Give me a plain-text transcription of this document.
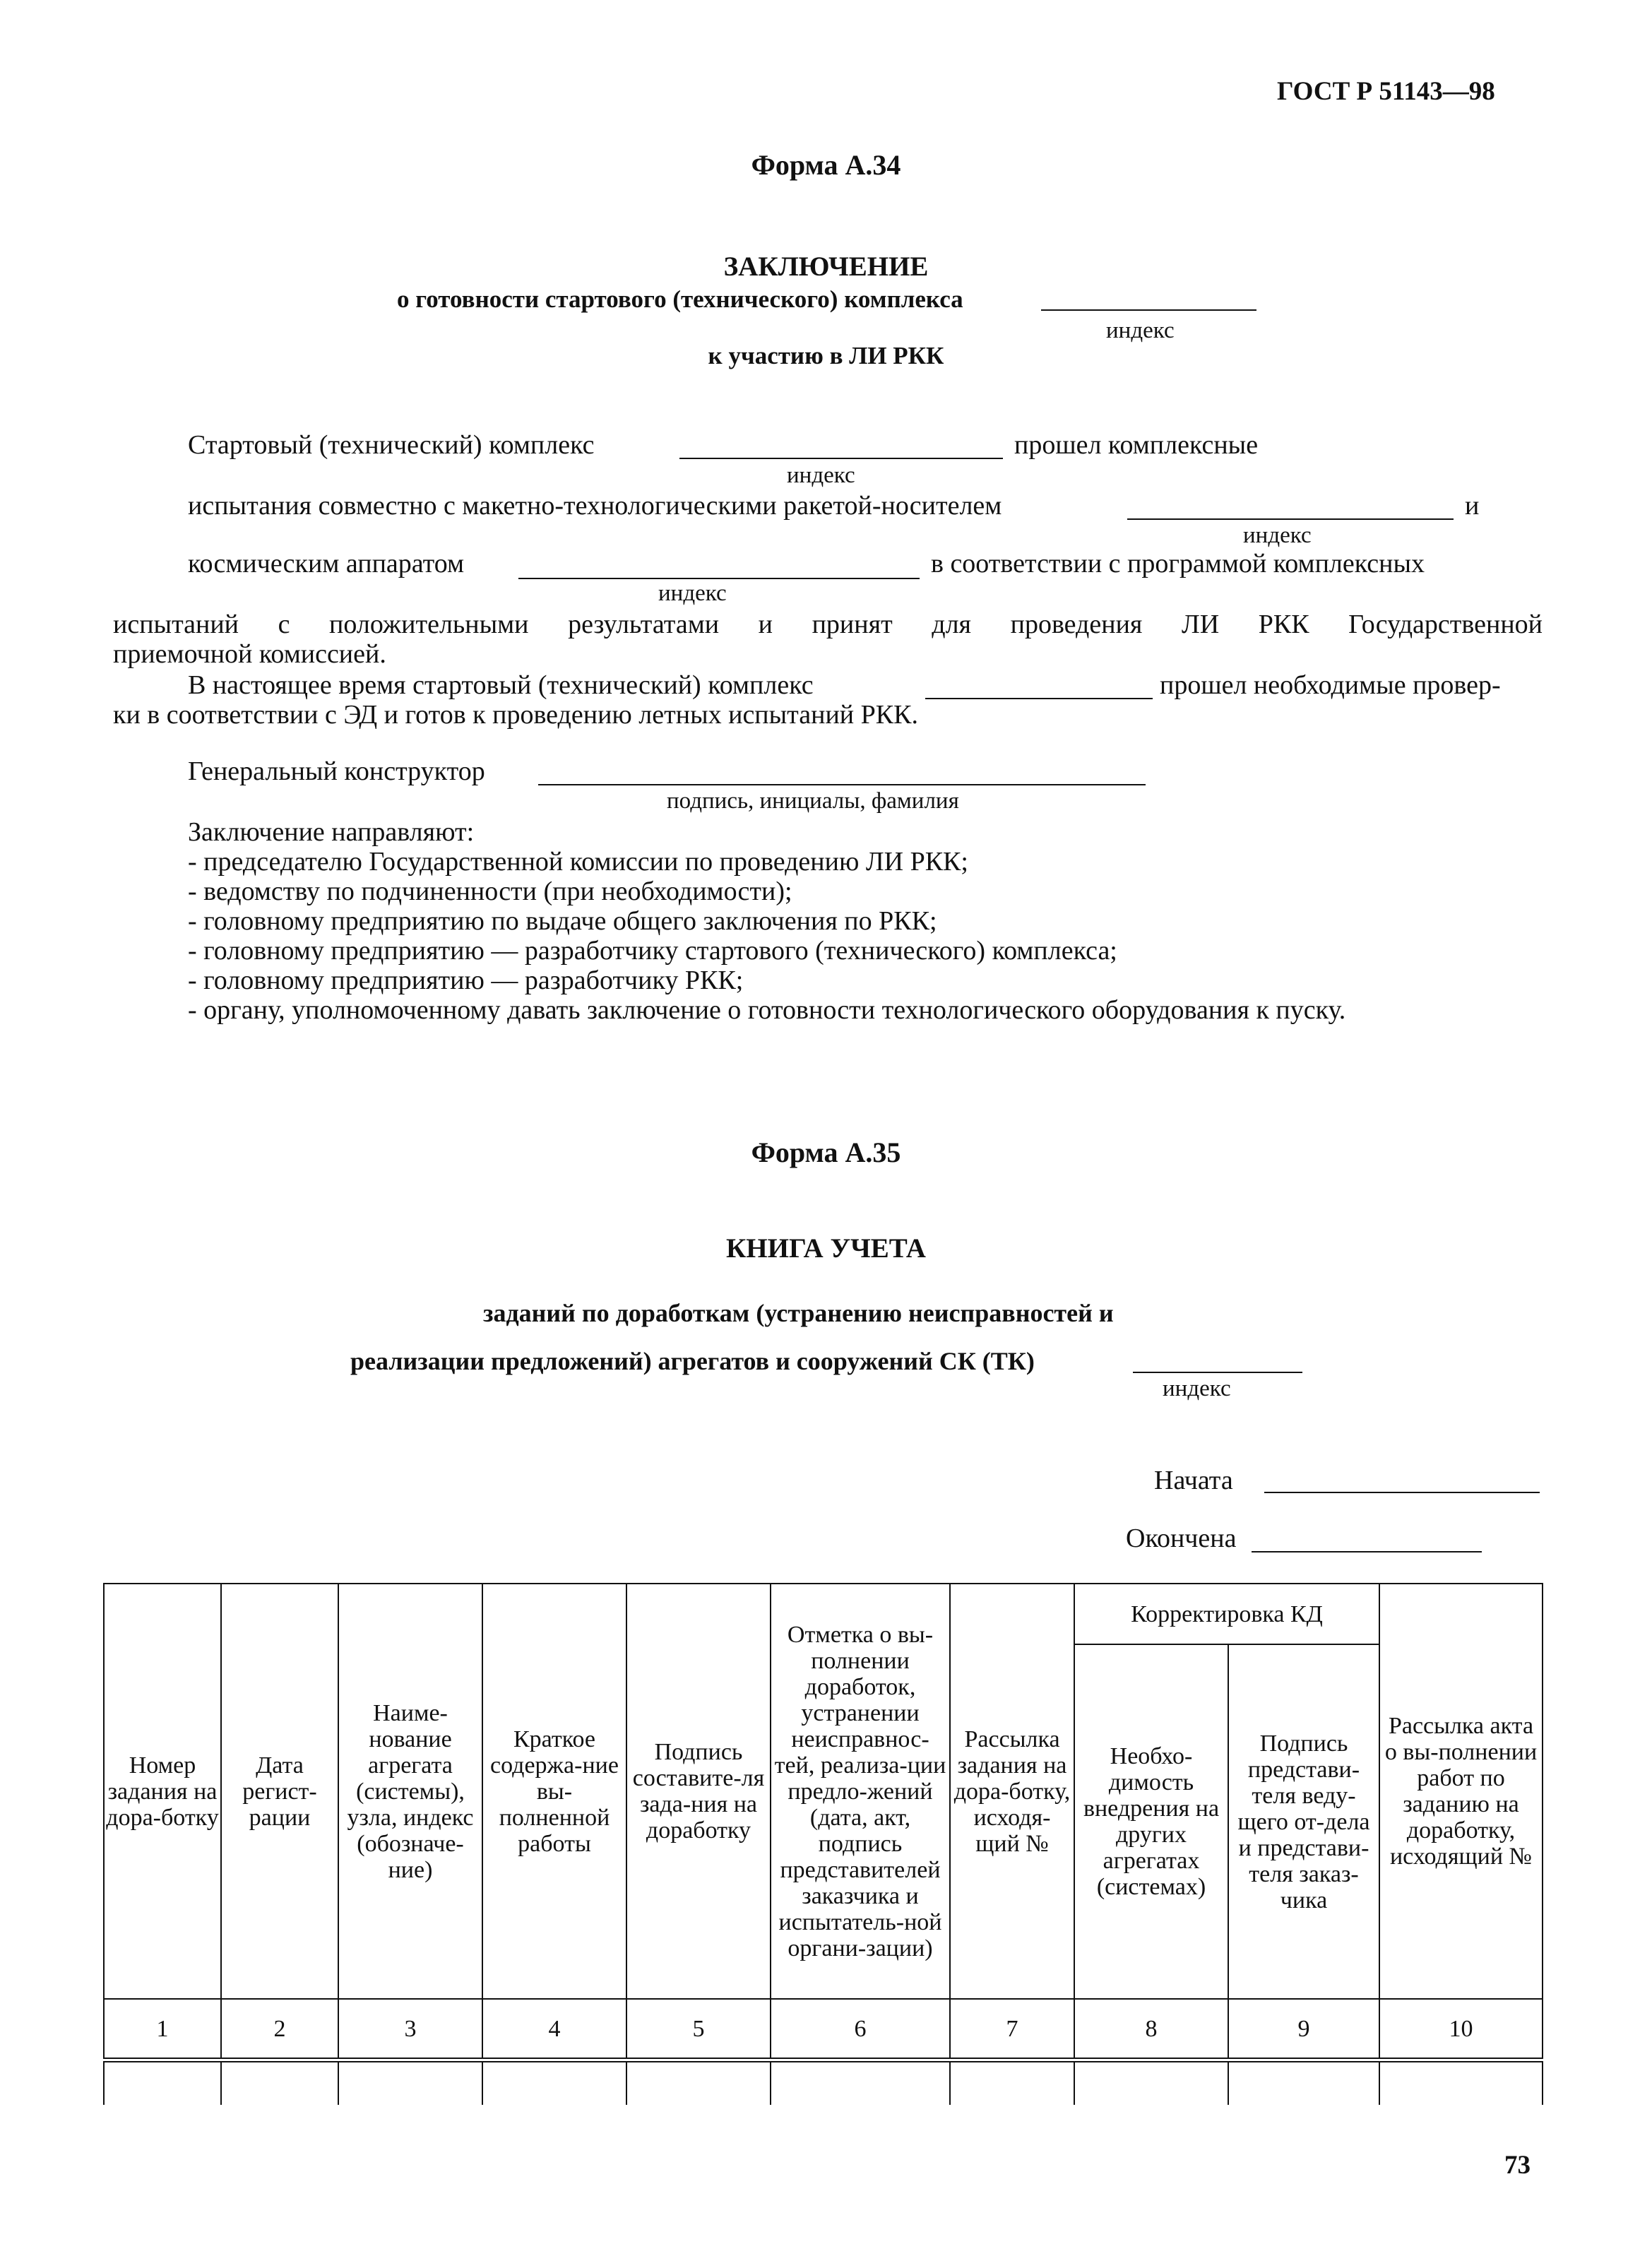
ГОСТ Р 51143—98
Форма А.34
ЗАКЛЮЧЕНИЕ
о готовности стартового (технического) комплекса
индекс
к участию в ЛИ РКК
Стартовый (технический) комплекс	прошел комплексные
индекс
испытания совместно с макетно-технологическими ракетой-носителем	и
индекс
космическим аппаратом	в соответствии с программой комплексных
индекс
испытаний с положительными результатами и принят для проведения ЛИ РКК Государственной
приемочной комиссией.
В настоящее время стартовый (технический) комплекс	прошел необходимые провер-
ки в соответствии с ЭД и готов к проведению летных испытаний РКК.
Генеральный конструктор
подпись, инициалы, фамилия
Заключение направляют:
- председателю Государственной комиссии по проведению ЛИ РКК;
- ведомству по подчиненности (при необходимости);
- головному предприятию по выдаче общего заключения по РКК;
- головному предприятию — разработчику стартового (технического) комплекса;
- головному предприятию — разработчику РКК;
- органу, уполномоченному давать заключение о готовности технологического оборудования к пуску.
Форма А.35
КНИГА УЧЕТА
заданий по доработкам (устранению неисправностей и
реализации предложений) агрегатов и сооружений СК (ТК)
индекс
Начата
Окончена
Номер задания на дора-ботку	Дата регист-рации	Наиме-нование агрегата (системы), узла, индекс (обозначе-ние)	Краткое содержа-ние вы-полненной работы	Подпись составите-ля зада-ния на доработку	Отметка о вы-полнении доработок, устранении неисправнос-тей, реализа-ции предло-жений (дата, акт, подпись представителей заказчика и испытатель-ной органи-зации)	Рассылка задания на дора-ботку, исходя-щий №	Корректировка КД		Рассылка акта о вы-полнении работ по заданию на доработку, исходящий №
							Необхо-димость внедрения на других агрегатах (системах)	Подпись представи-теля веду-щего от-дела и представи-теля заказ-чика	
1	2	3	4	5	6	7	8	9	10

73
